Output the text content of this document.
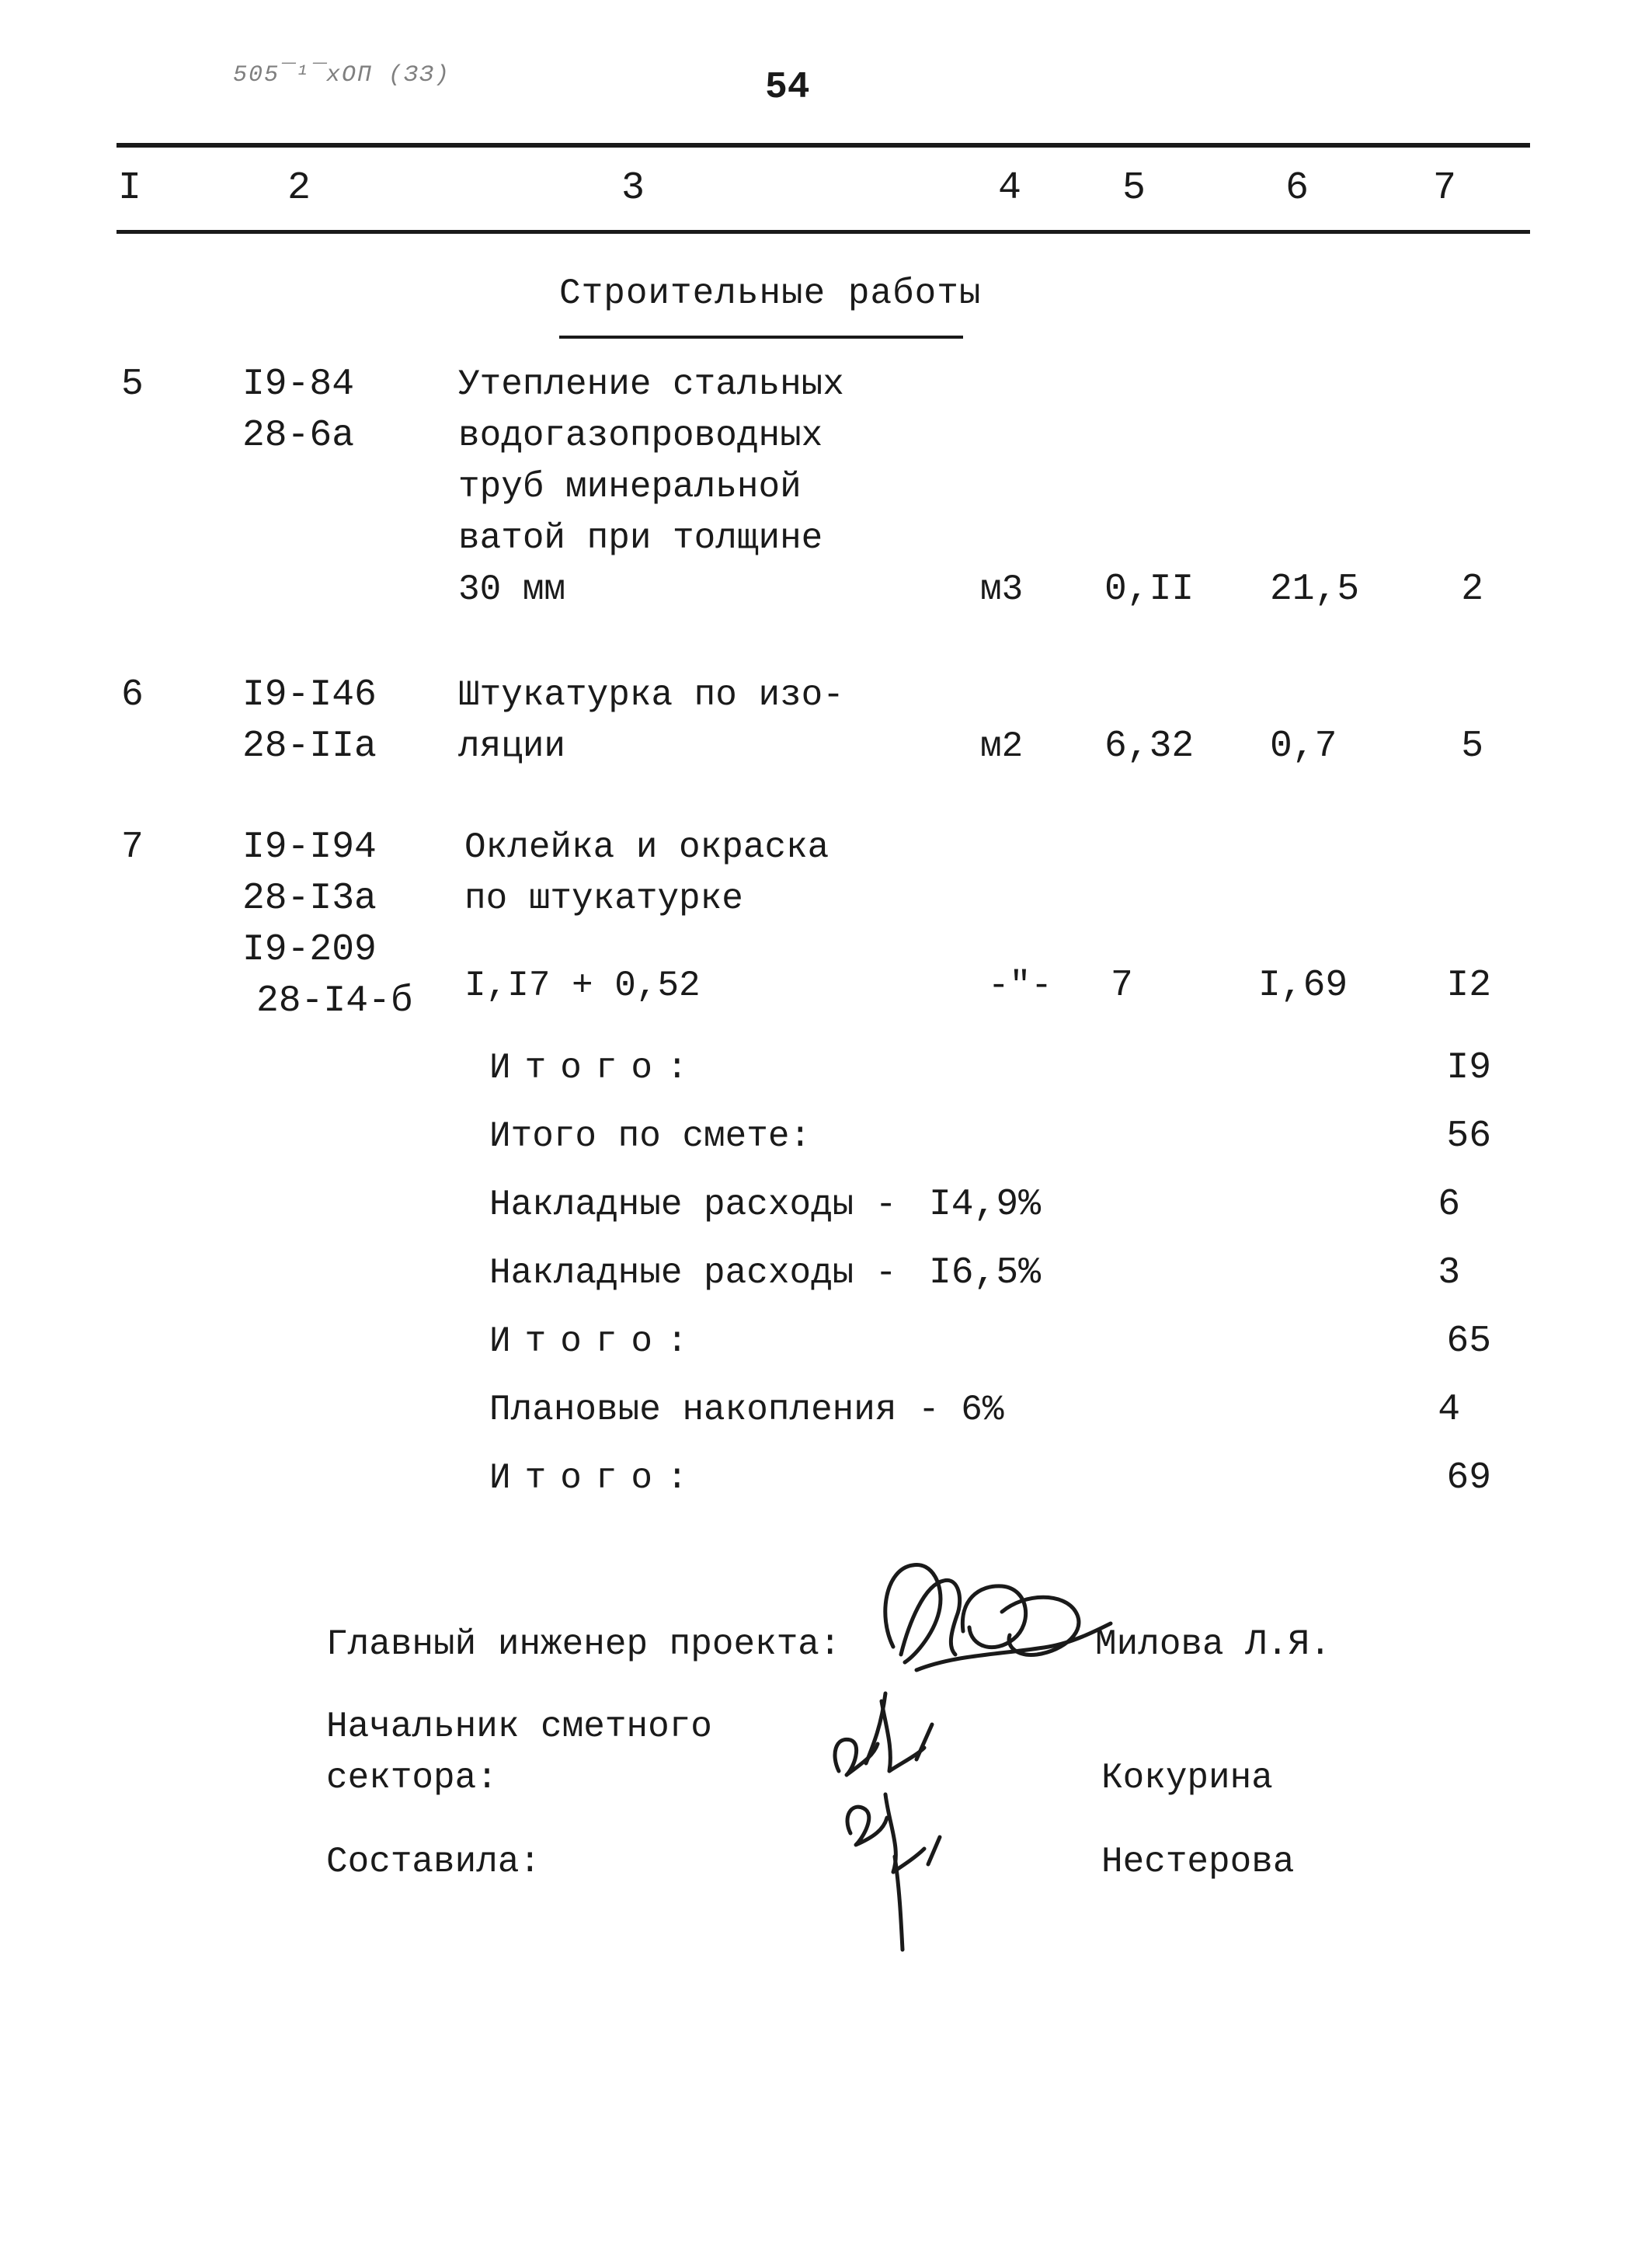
505¯¹¯хОП (ЗЗ)	54
I	2	3	4	5	6	7
Строительные работы
5	I9-84
28-6a
Утепление стальных
водогазопроводных
труб минеральной
ватой при толщине
30 мм	м3 0,II 21,5	2
6	I9-I46
28-IIa
Штукатурка по изо-
ляции	м2 6,32 0,7	5
7	I9-I94
28-I3a
I9-209
28-I4-б
Оклейка и окраска
по штукатурке
I,I7 + 0,52	-"- 7	I,69	I2
Итого:	I9
Итого по смете:	56
Накладные расходы - I4,9%	6
Накладные расходы - I6,5%	3
Итого:	65
Плановые накопления - 6%	4
Итого:	69
Главный инженер проекта:	Милова Л.Я.
Начальник сметного
сектора:	Кокурина
Составила:	Нестерова
